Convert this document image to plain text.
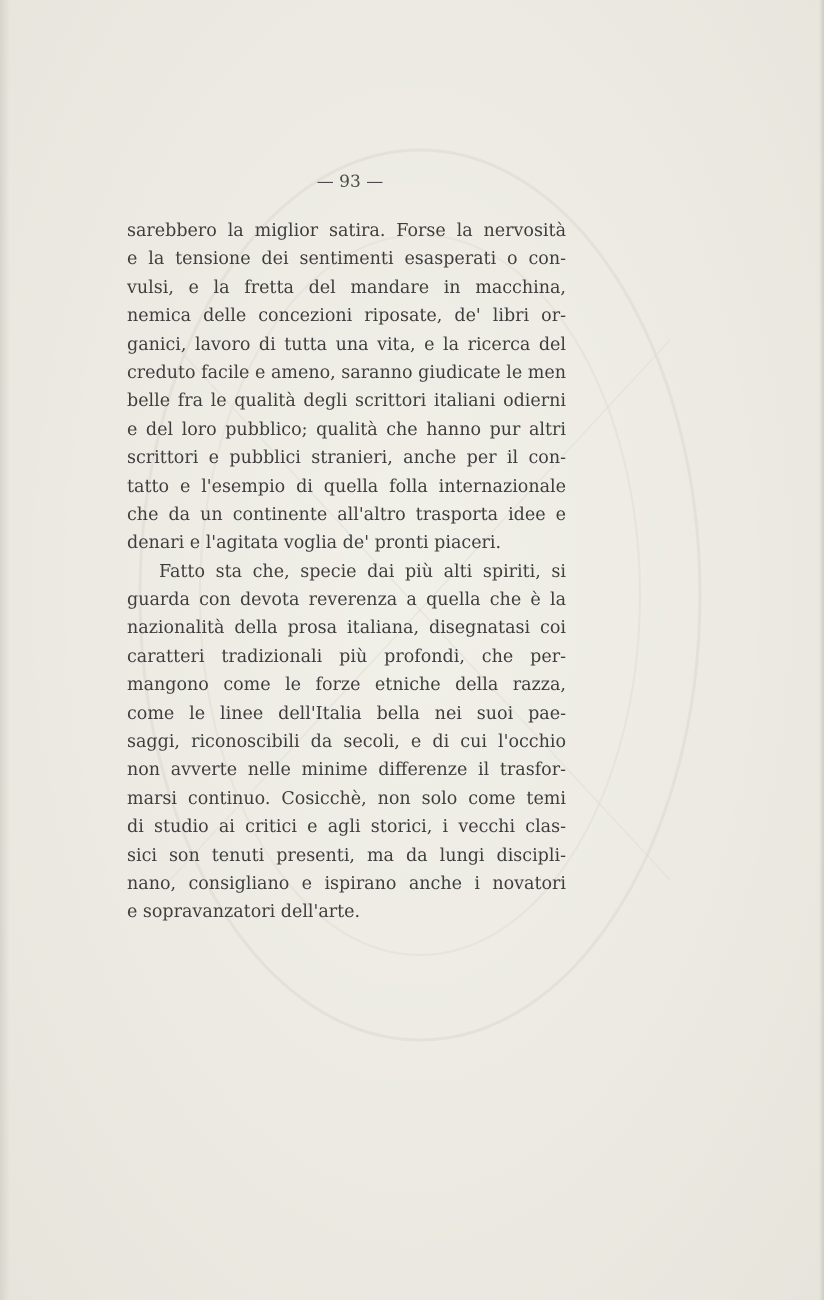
— 93 —
sarebbero la miglior satira. Forse la nervosità
e la tensione dei sentimenti esasperati o con-
vulsi, e la fretta del mandare in macchina,
nemica delle concezioni riposate, de' libri or-
ganici, lavoro di tutta una vita, e la ricerca del
creduto facile e ameno, saranno giudicate le men
belle fra le qualità degli scrittori italiani odierni
e del loro pubblico; qualità che hanno pur altri
scrittori e pubblici stranieri, anche per il con-
tatto e l'esempio di quella folla internazionale
che da un continente all'altro trasporta idee e
denari e l'agitata voglia de' pronti piaceri.
Fatto sta che, specie dai più alti spiriti, si
guarda con devota reverenza a quella che è la
nazionalità della prosa italiana, disegnatasi coi
caratteri tradizionali più profondi, che per-
mangono come le forze etniche della razza,
come le linee dell'Italia bella nei suoi pae-
saggi, riconoscibili da secoli, e di cui l'occhio
non avverte nelle minime differenze il trasfor-
marsi continuo. Cosicchè, non solo come temi
di studio ai critici e agli storici, i vecchi clas-
sici son tenuti presenti, ma da lungi discipli-
nano, consigliano e ispirano anche i novatori
e sopravanzatori dell'arte.
